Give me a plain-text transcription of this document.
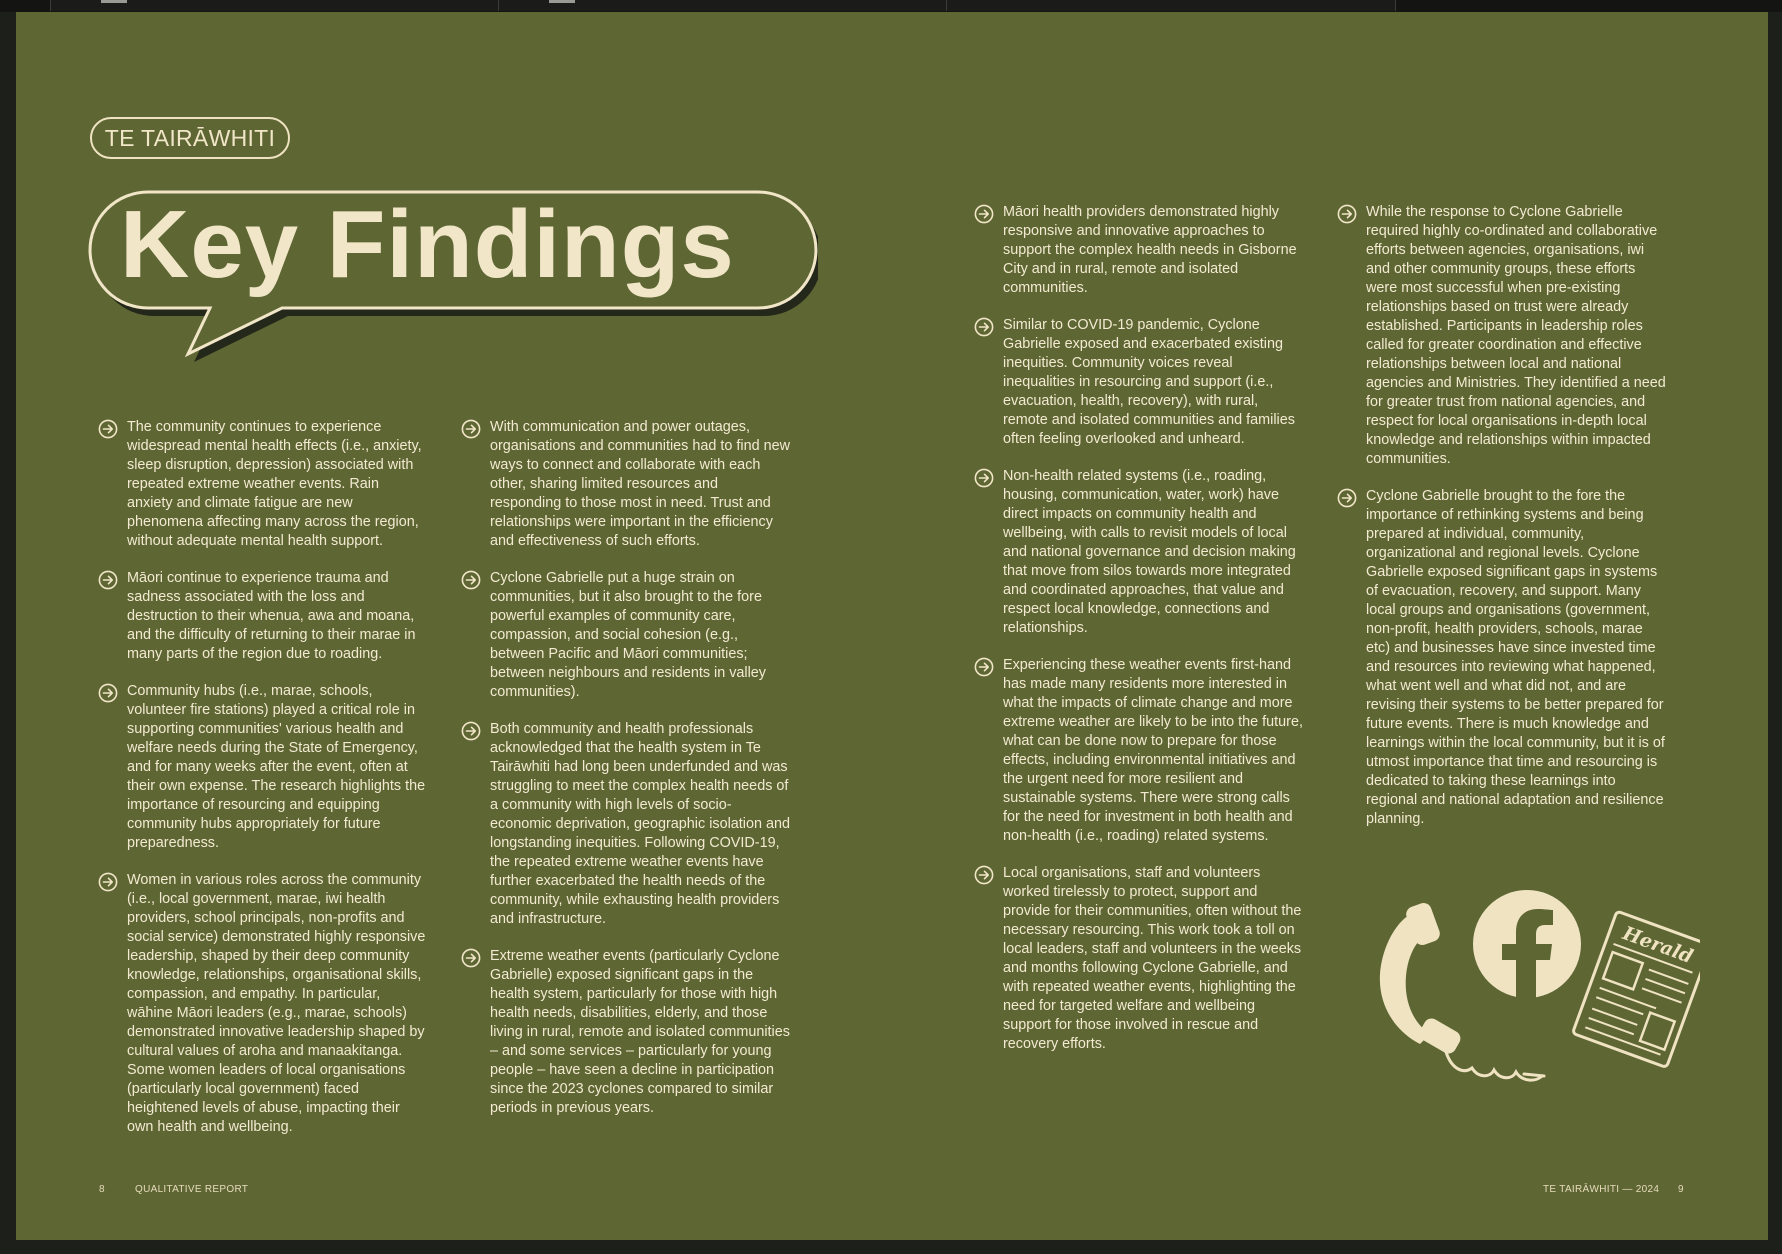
TE TAIRĀWHITI
Key Findings

The community continues to experience widespread mental health effects (i.e., anxiety, sleep disruption, depression) associated with repeated extreme weather events. Rain anxiety and climate fatigue are new phenomena affecting many across the region, without adequate mental health support.

Māori continue to experience trauma and sadness associated with the loss and destruction to their whenua, awa and moana, and the difficulty of returning to their marae in many parts of the region due to roading.

Community hubs (i.e., marae, schools, volunteer fire stations) played a critical role in supporting communities' various health and welfare needs during the State of Emergency, and for many weeks after the event, often at their own expense. The research highlights the importance of resourcing and equipping community hubs appropriately for future preparedness.

Women in various roles across the community (i.e., local government, marae, iwi health providers, school principals, non-profits and social service) demonstrated highly responsive leadership, shaped by their deep community knowledge, relationships, organisational skills, compassion, and empathy. In particular, wāhine Māori leaders (e.g., marae, schools) demonstrated innovative leadership shaped by cultural values of aroha and manaakitanga. Some women leaders of local organisations (particularly local government) faced heightened levels of abuse, impacting their own health and wellbeing.

With communication and power outages, organisations and communities had to find new ways to connect and collaborate with each other, sharing limited resources and responding to those most in need. Trust and relationships were important in the efficiency and effectiveness of such efforts.

Cyclone Gabrielle put a huge strain on communities, but it also brought to the fore powerful examples of community care, compassion, and social cohesion (e.g., between Pacific and Māori communities; between neighbours and residents in valley communities).

Both community and health professionals acknowledged that the health system in Te Tairāwhiti had long been underfunded and was struggling to meet the complex health needs of a community with high levels of socio-economic deprivation, geographic isolation and longstanding inequities. Following COVID-19, the repeated extreme weather events have further exacerbated the health needs of the community, while exhausting health providers and infrastructure.

Extreme weather events (particularly Cyclone Gabrielle) exposed significant gaps in the health system, particularly for those with high health needs, disabilities, elderly, and those living in rural, remote and isolated communities – and some services – particularly for young people – have seen a decline in participation since the 2023 cyclones compared to similar periods in previous years.

Māori health providers demonstrated highly responsive and innovative approaches to support the complex health needs in Gisborne City and in rural, remote and isolated communities.

Similar to COVID-19 pandemic, Cyclone Gabrielle exposed and exacerbated existing inequities. Community voices reveal inequalities in resourcing and support (i.e., evacuation, health, recovery), with rural, remote and isolated communities and families often feeling overlooked and unheard.

Non-health related systems (i.e., roading, housing, communication, water, work) have direct impacts on community health and wellbeing, with calls to revisit models of local and national governance and decision making that move from silos towards more integrated and coordinated approaches, that value and respect local knowledge, connections and relationships.

Experiencing these weather events first-hand has made many residents more interested in what the impacts of climate change and more extreme weather are likely to be into the future, what can be done now to prepare for those effects, including environmental initiatives and the urgent need for more resilient and sustainable systems. There were strong calls for the need for investment in both health and non-health (i.e., roading) related systems.

Local organisations, staff and volunteers worked tirelessly to protect, support and provide for their communities, often without the necessary resourcing. This work took a toll on local leaders, staff and volunteers in the weeks and months following Cyclone Gabrielle, and with repeated weather events, highlighting the need for targeted welfare and wellbeing support for those involved in rescue and recovery efforts.

While the response to Cyclone Gabrielle required highly co-ordinated and collaborative efforts between agencies, organisations, iwi and other community groups, these efforts were most successful when pre-existing relationships based on trust were already established. Participants in leadership roles called for greater coordination and effective relationships between local and national agencies and Ministries. They identified a need for greater trust from national agencies, and respect for local organisations in-depth local knowledge and relationships within impacted communities.

Cyclone Gabrielle brought to the fore the importance of rethinking systems and being prepared at individual, community, organizational and regional levels. Cyclone Gabrielle exposed significant gaps in systems of evacuation, recovery, and support. Many local groups and organisations (government, non-profit, health providers, schools, marae etc) and businesses have since invested time and resources into reviewing what happened, what went well and what did not, and are revising their systems to be better prepared for future events. There is much knowledge and learnings within the local community, but it is of utmost importance that time and resourcing is dedicated to taking these learnings into regional and national adaptation and resilience planning.

Herald
8	QUALITATIVE REPORT	TE TAIRĀWHITI — 2024 9
